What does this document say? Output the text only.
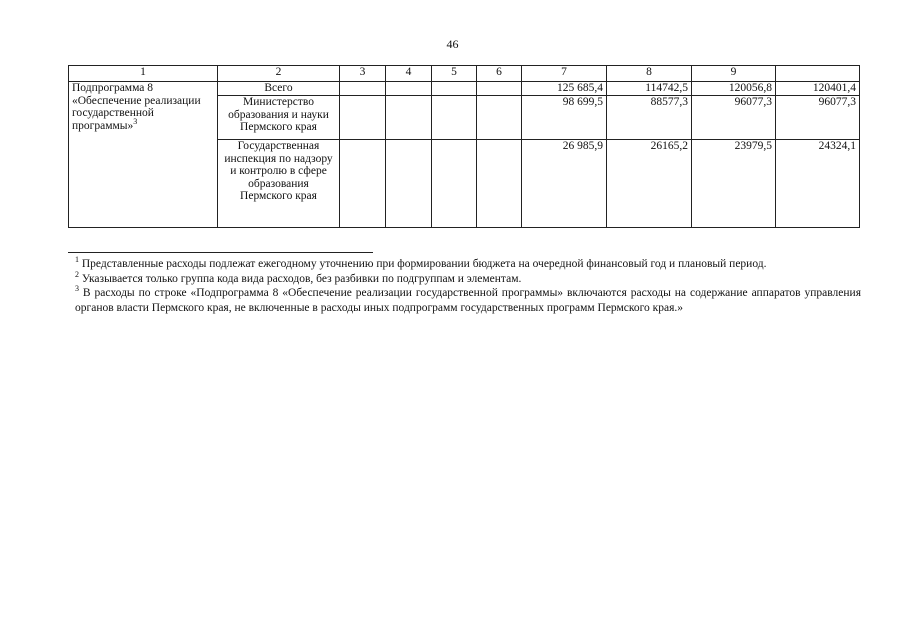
46
1	2	3	4	5	6	7	8	9	
Подпрограмма 8 «Обеспечение реализации государственной программы»$^3$	Всего					125 685,4	114742,5	120056,8	120401,4
	Министерство образования и науки Пермского края					98 699,5	88577,3	96077,3	96077,3
	Государственная инспекция по надзору и контролю в сфере образования Пермского края					26 985,9	26165,2	23979,5	24324,1

$^1$ Представленные расходы подлежат ежегодному уточнению при формировании бюджета на очередной финансовый год и плановый период.

$^2$ Указывается только группа кода вида расходов, без разбивки по подгруппам и элементам.

$^3$ В расходы по строке «Подпрограмма 8 «Обеспечение реализации государственной программы» включаются расходы на содержание аппаратов управления органов власти Пермского края, не включенные в расходы иных подпрограмм государственных программ Пермского края.»
